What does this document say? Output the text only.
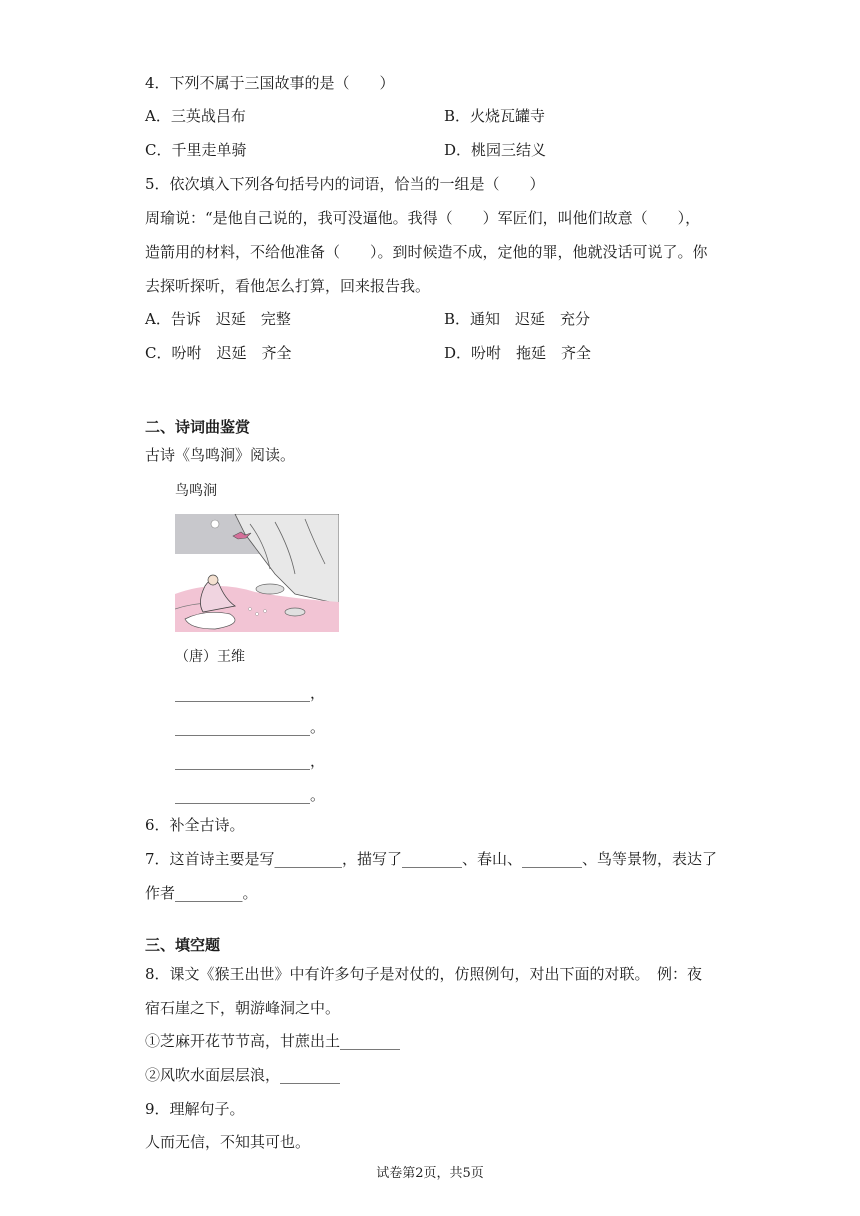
4．下列不属于三国故事的是（　　）
A．三英战吕布	B．火烧瓦罐寺
C．千里走单骑	D．桃园三结义
5．依次填入下列各句括号内的词语，恰当的一组是（　　）
周瑜说：“是他自己说的，我可没逼他。我得（　　）军匠们，叫他们故意（　　），
造箭用的材料，不给他准备（　　）。到时候造不成，定他的罪，他就没话可说了。你
去探听探听，看他怎么打算，回来报告我。
A．告诉　迟延　完整	B．通知　迟延　充分
C．吩咐　迟延　齐全	D．吩咐　拖延　齐全
二、诗词曲鉴赏
古诗《鸟鸣涧》阅读。
鸟鸣涧
（唐）王维
__________________，
__________________。
__________________，
__________________。
6．补全古诗。
7．这首诗主要是写_________，描写了________、春山、________、鸟等景物，表达了
作者_________。
三、填空题
8．课文《猴王出世》中有许多句子是对仗的，仿照例句，对出下面的对联。　例：夜
宿石崖之下，朝游峰洞之中。
①芝麻开花节节高，甘蔗出土________
②风吹水面层层浪，________
9．理解句子。
人而无信，不知其可也。
试卷第2页，共5页
